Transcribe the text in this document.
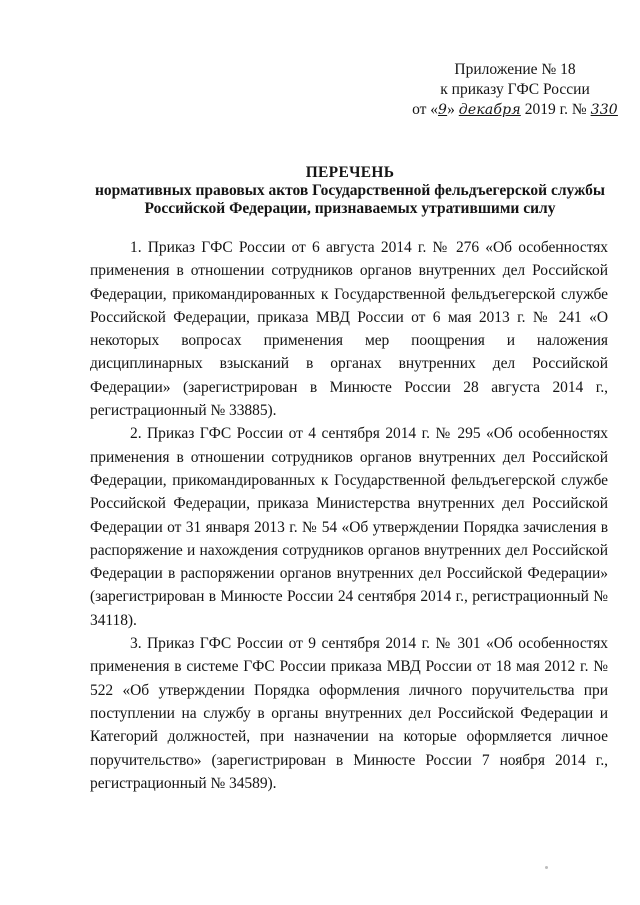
Приложение № 18
к приказу ГФС России
от «9» декабря 2019 г. № 330
ПЕРЕЧЕНЬ
нормативных правовых актов Государственной фельдъегерской службы
Российской Федерации, признаваемых утратившими силу

1. Приказ ГФС России от 6 августа 2014 г. № 276 «Об особенностях применения в отношении сотрудников органов внутренних дел Российской Федерации, прикомандированных к Государственной фельдъегерской службе Российской Федерации, приказа МВД России от 6 мая 2013 г. № 241 «О некоторых вопросах применения мер поощрения и наложения дисциплинарных взысканий в органах внутренних дел Российской Федерации» (зарегистрирован в Минюсте России 28 августа 2014 г., регистрационный № 33885).

2. Приказ ГФС России от 4 сентября 2014 г. № 295 «Об особенностях применения в отношении сотрудников органов внутренних дел Российской Федерации, прикомандированных к Государственной фельдъегерской службе Российской Федерации, приказа Министерства внутренних дел Российской Федерации от 31 января 2013 г. № 54 «Об утверждении Порядка зачисления в распоряжение и нахождения сотрудников органов внутренних дел Российской Федерации в распоряжении органов внутренних дел Российской Федерации» (зарегистрирован в Минюсте России 24 сентября 2014 г., регистрационный № 34118).

3. Приказ ГФС России от 9 сентября 2014 г. № 301 «Об особенностях применения в системе ГФС России приказа МВД России от 18 мая 2012 г. № 522 «Об утверждении Порядка оформления личного поручительства при поступлении на службу в органы внутренних дел Российской Федерации и Категорий должностей, при назначении на которые оформляется личное поручительство» (зарегистрирован в Минюсте России 7 ноября 2014 г., регистрационный № 34589).
